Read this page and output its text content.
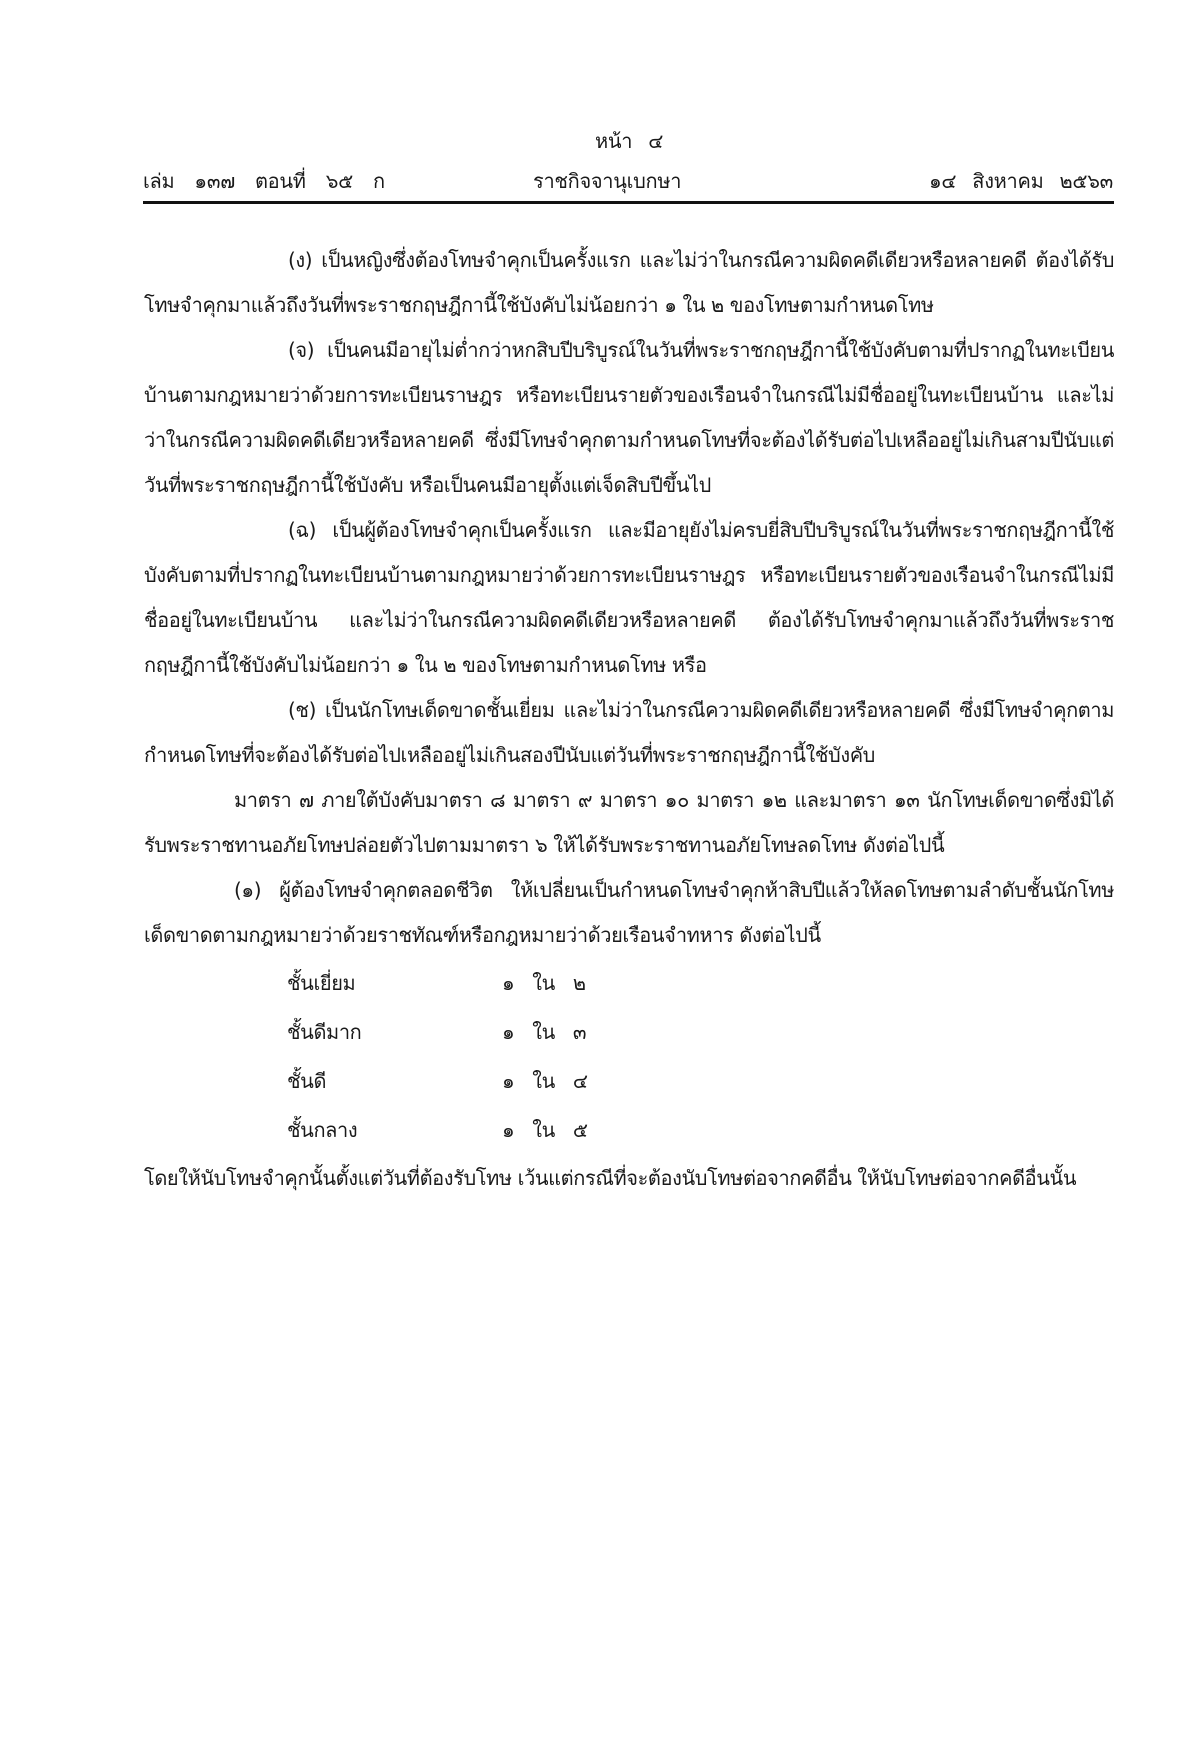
หน้า ๔
เล่ม ๑๓๗ ตอนที่ ๖๕ ก	ราชกิจจานุเบกษา	๑๔ สิงหาคม ๒๕๖๓

(ง) เป็นหญิงซึ่งต้องโทษจำคุกเป็นครั้งแรก และไม่ว่าในกรณีความผิดคดีเดียวหรือหลายคดี ต้องได้รับโทษจำคุกมาแล้วถึงวันที่พระราชกฤษฎีกานี้ใช้บังคับไม่น้อยกว่า ๑ ใน ๒ ของโทษตามกำหนดโทษ

(จ) เป็นคนมีอายุไม่ต่ำกว่าหกสิบปีบริบูรณ์ในวันที่พระราชกฤษฎีกานี้ใช้บังคับตามที่ปรากฏในทะเบียนบ้านตามกฎหมายว่าด้วยการทะเบียนราษฎร หรือทะเบียนรายตัวของเรือนจำในกรณีไม่มีชื่ออยู่ในทะเบียนบ้าน และไม่ว่าในกรณีความผิดคดีเดียวหรือหลายคดี ซึ่งมีโทษจำคุกตามกำหนดโทษที่จะต้องได้รับต่อไปเหลืออยู่ไม่เกินสามปีนับแต่วันที่พระราชกฤษฎีกานี้ใช้บังคับ หรือเป็นคนมีอายุตั้งแต่เจ็ดสิบปีขึ้นไป

(ฉ) เป็นผู้ต้องโทษจำคุกเป็นครั้งแรก และมีอายุยังไม่ครบยี่สิบปีบริบูรณ์ในวันที่พระราชกฤษฎีกานี้ใช้บังคับตามที่ปรากฏในทะเบียนบ้านตามกฎหมายว่าด้วยการทะเบียนราษฎร หรือทะเบียนรายตัวของเรือนจำในกรณีไม่มีชื่ออยู่ในทะเบียนบ้าน และไม่ว่าในกรณีความผิดคดีเดียวหรือหลายคดี ต้องได้รับโทษจำคุกมาแล้วถึงวันที่พระราชกฤษฎีกานี้ใช้บังคับไม่น้อยกว่า ๑ ใน ๒ ของโทษตามกำหนดโทษ หรือ

(ช) เป็นนักโทษเด็ดขาดชั้นเยี่ยม และไม่ว่าในกรณีความผิดคดีเดียวหรือหลายคดี ซึ่งมีโทษจำคุกตามกำหนดโทษที่จะต้องได้รับต่อไปเหลืออยู่ไม่เกินสองปีนับแต่วันที่พระราชกฤษฎีกานี้ใช้บังคับ

มาตรา ๗ ภายใต้บังคับมาตรา ๘ มาตรา ๙ มาตรา ๑๐ มาตรา ๑๒ และมาตรา ๑๓ นักโทษเด็ดขาดซึ่งมิได้รับพระราชทานอภัยโทษปล่อยตัวไปตามมาตรา ๖ ให้ได้รับพระราชทานอภัยโทษลดโทษ ดังต่อไปนี้

(๑) ผู้ต้องโทษจำคุกตลอดชีวิต ให้เปลี่ยนเป็นกำหนดโทษจำคุกห้าสิบปีแล้วให้ลดโทษตามลำดับชั้นนักโทษเด็ดขาดตามกฎหมายว่าด้วยราชทัณฑ์หรือกฎหมายว่าด้วยเรือนจำทหาร ดังต่อไปนี้

ชั้นเยี่ยม	๑ ใน ๒
ชั้นดีมาก	๑ ใน ๓
ชั้นดี	๑ ใน ๔
ชั้นกลาง	๑ ใน ๕

โดยให้นับโทษจำคุกนั้นตั้งแต่วันที่ต้องรับโทษ เว้นแต่กรณีที่จะต้องนับโทษต่อจากคดีอื่น ให้นับโทษต่อจากคดีอื่นนั้น
